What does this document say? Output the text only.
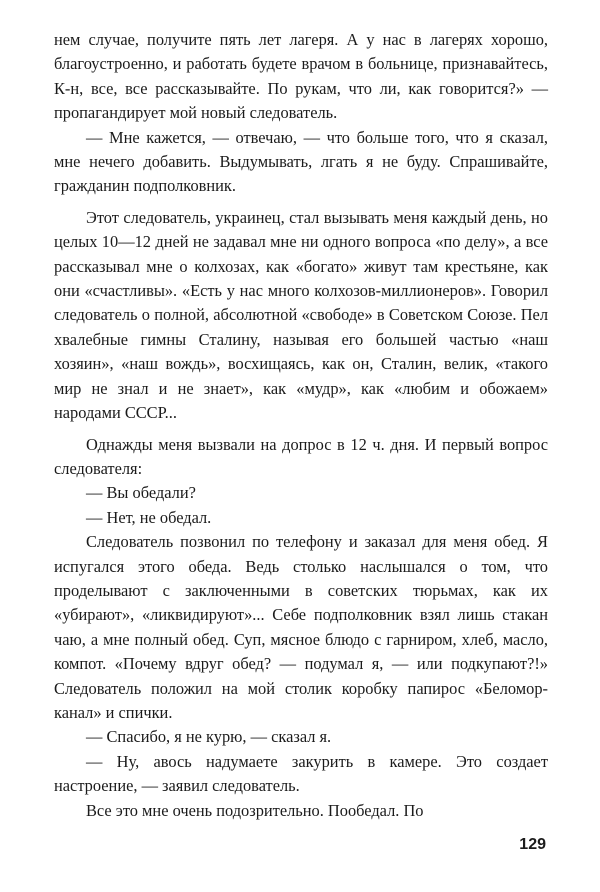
нем случае, получите пять лет лагеря. А у нас в лагерях хорошо, благоустроенно, и работать будете врачом в больнице, признавайтесь, К-н, все, все рассказывайте. По рукам, что ли, как говорится?» — пропагандирует мой новый следователь.

— Мне кажется, — отвечаю, — что больше того, что я сказал, мне нечего добавить. Выдумывать, лгать я не буду. Спрашивайте, гражданин подполковник.

Этот следователь, украинец, стал вызывать меня каждый день, но целых 10—12 дней не задавал мне ни одного вопроса «по делу», а все рассказывал мне о колхозах, как «богато» живут там крестьяне, как они «счастливы». «Есть у нас много колхозов-миллионеров». Говорил следователь о полной, абсолютной «свободе» в Советском Союзе. Пел хвалебные гимны Сталину, называя его большей частью «наш хозяин», «наш вождь», восхищаясь, как он, Сталин, велик, «такого мир не знал и не знает», как «мудр», как «любим и обожаем» народами СССР...

Однажды меня вызвали на допрос в 12 ч. дня. И первый вопрос следователя:

— Вы обедали?

— Нет, не обедал.

Следователь позвонил по телефону и заказал для меня обед. Я испугался этого обеда. Ведь столько наслышался о том, что проделывают с заключенными в советских тюрьмах, как их «убирают», «ликвидируют»... Себе подполковник взял лишь стакан чаю, а мне полный обед. Суп, мясное блюдо с гарниром, хлеб, масло, компот. «Почему вдруг обед? — подумал я, — или подкупают?!» Следователь положил на мой столик коробку папирос «Беломор-канал» и спички.

— Спасибо, я не курю, — сказал я.

— Ну, авось надумаете закурить в камере. Это создает настроение, — заявил следователь.

Все это мне очень подозрительно. Пообедал. По

129
